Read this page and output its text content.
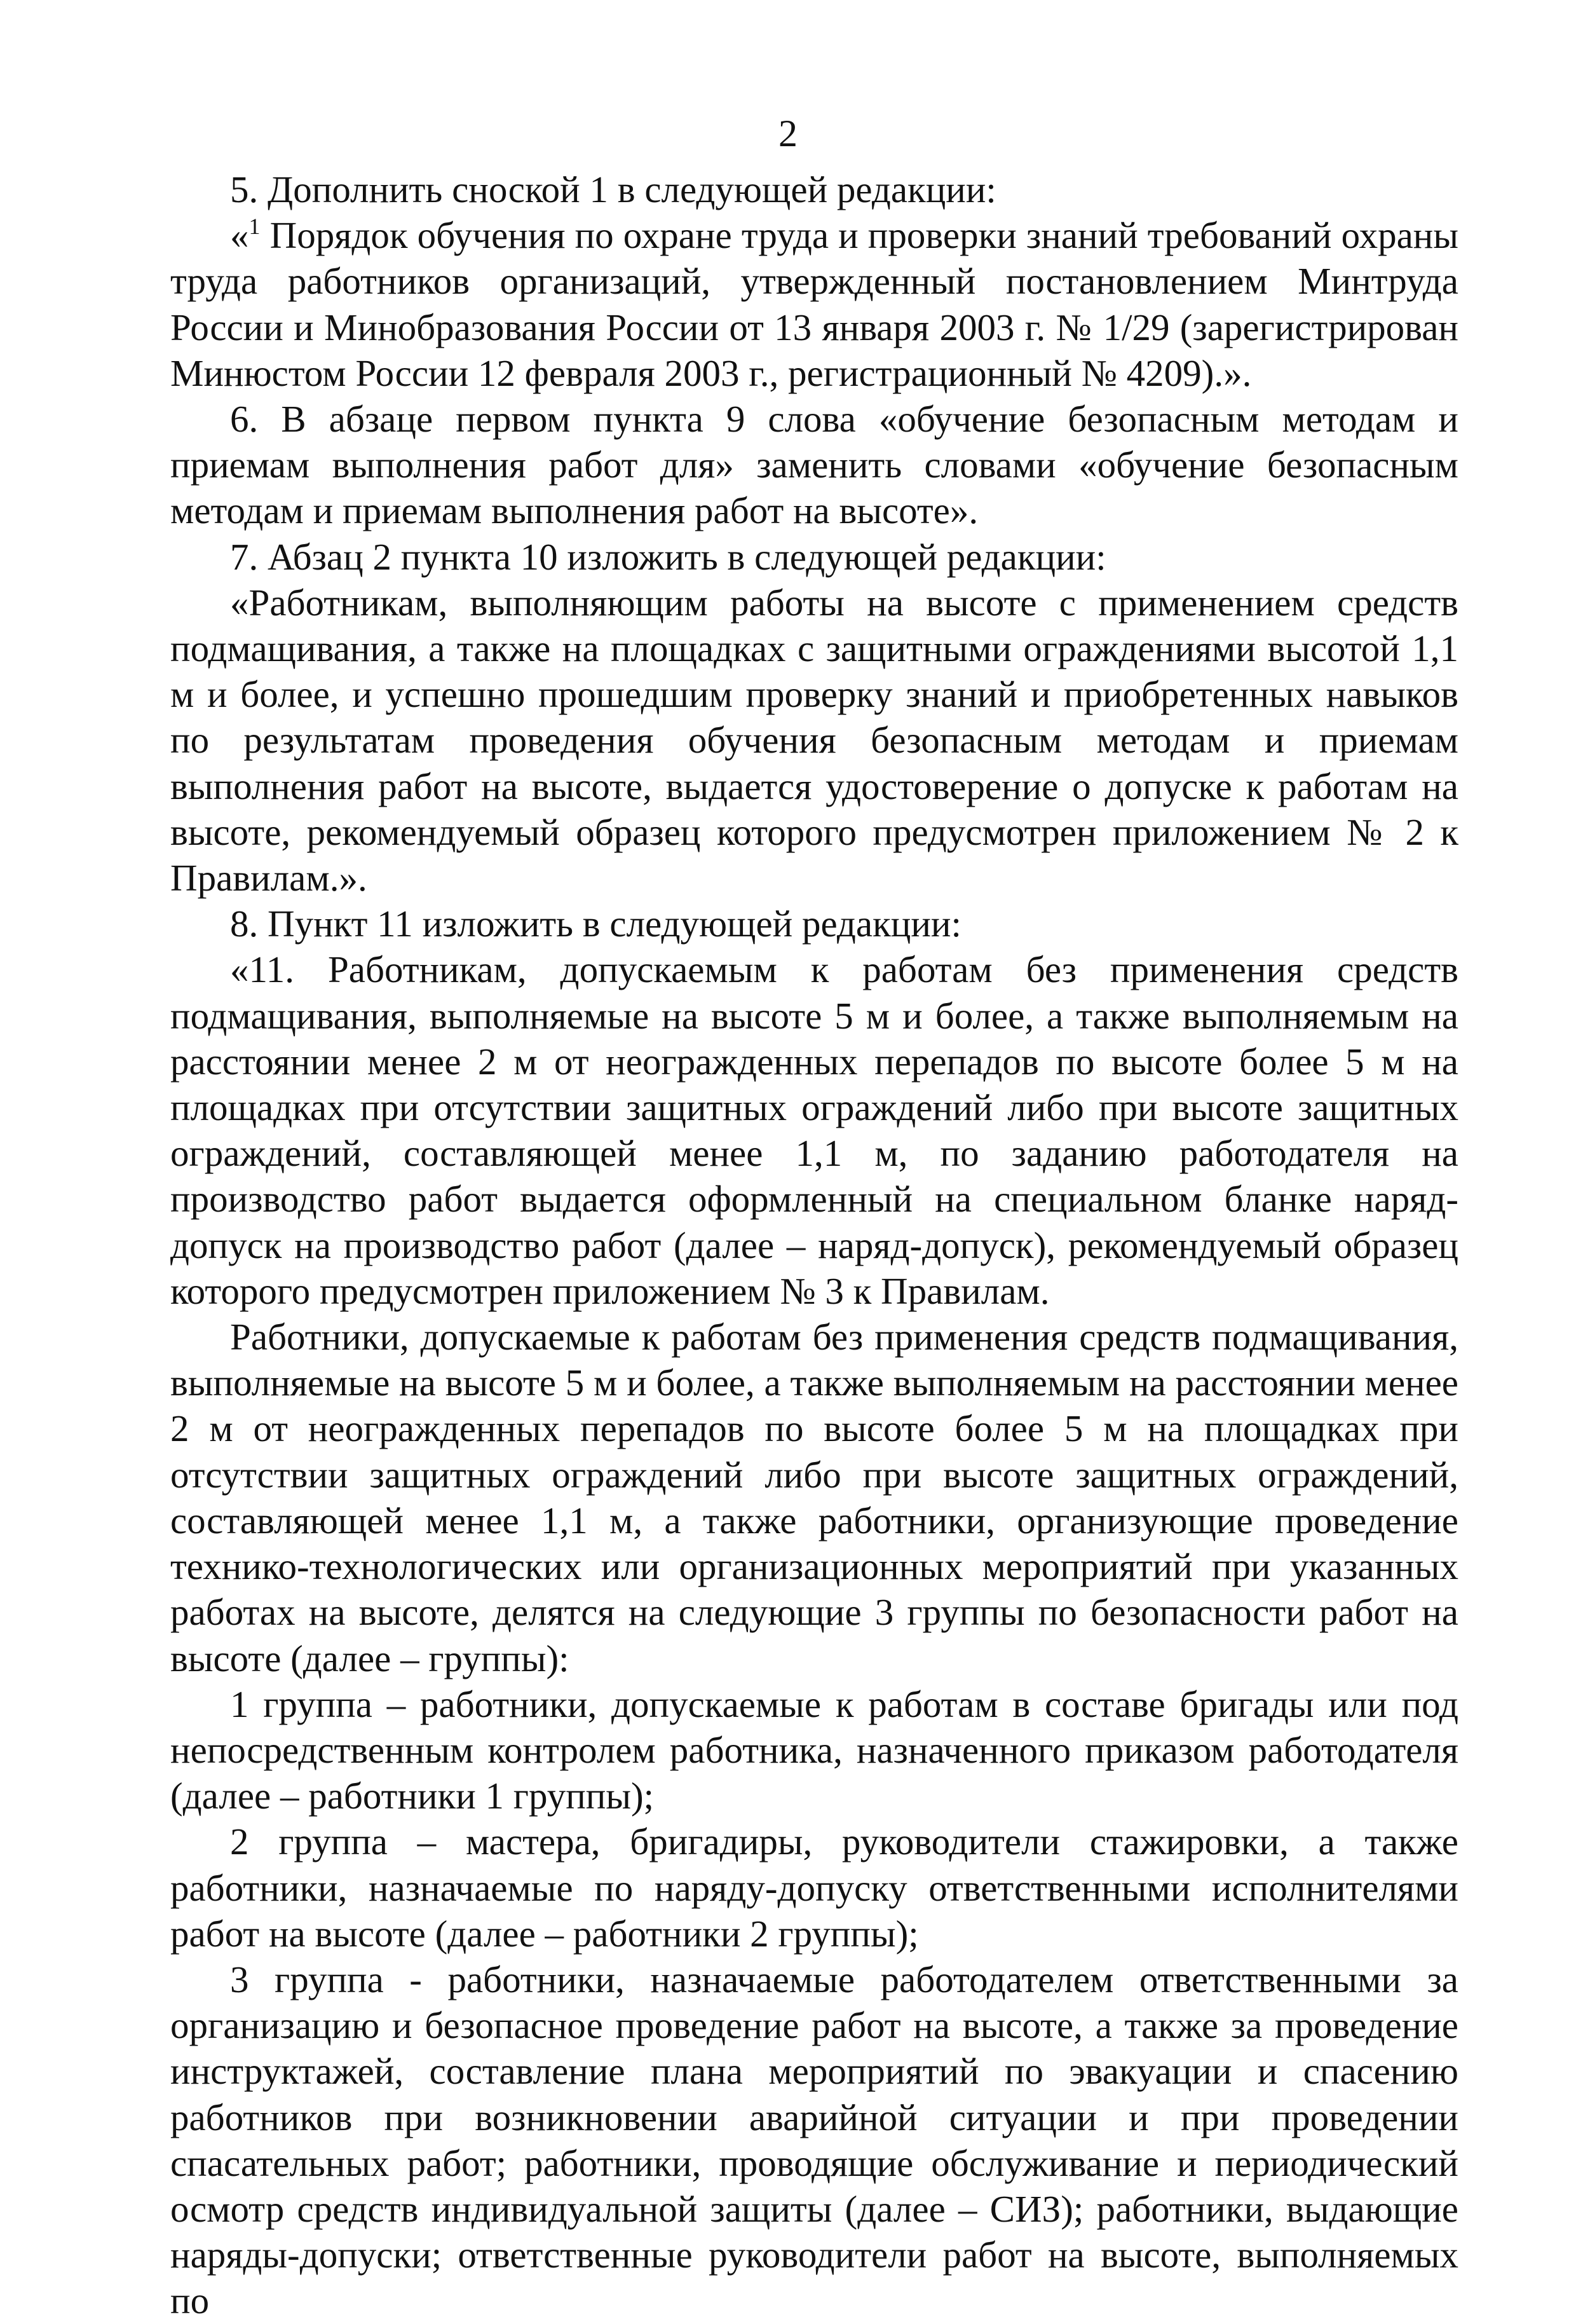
2

5. Дополнить сноской 1 в следующей редакции:

«$^1$ Порядок обучения по охране труда и проверки знаний требований охраны труда работников организаций, утвержденный постановлением Минтруда России и Минобразования России от 13 января 2003 г. № 1/29 (зарегистрирован Минюстом России 12 февраля 2003 г., регистрационный № 4209).».

6. В абзаце первом пункта 9 слова «обучение безопасным методам и приемам выполнения работ для» заменить словами «обучение безопасным методам и приемам выполнения работ на высоте».

7. Абзац 2 пункта 10 изложить в следующей редакции:

«Работникам, выполняющим работы на высоте с применением средств подмащивания, а также на площадках с защитными ограждениями высотой 1,1 м и более, и успешно прошедшим проверку знаний и приобретенных навыков по результатам проведения обучения безопасным методам и приемам выполнения работ на высоте, выдается удостоверение о допуске к работам на высоте, рекомендуемый образец которого предусмотрен приложением № 2 к Правилам.».

8. Пункт 11 изложить в следующей редакции:

«11. Работникам, допускаемым к работам без применения средств подмащивания, выполняемые на высоте 5 м и более, а также выполняемым на расстоянии менее 2 м от неогражденных перепадов по высоте более 5 м на площадках при отсутствии защитных ограждений либо при высоте защитных ограждений, составляющей менее 1,1 м, по заданию работодателя на производство работ выдается оформленный на специальном бланке наряд-допуск на производство работ (далее – наряд-допуск), рекомендуемый образец которого предусмотрен приложением № 3 к Правилам.

Работники, допускаемые к работам без применения средств подмащивания, выполняемые на высоте 5 м и более, а также выполняемым на расстоянии менее 2 м от неогражденных перепадов по высоте более 5 м на площадках при отсутствии защитных ограждений либо при высоте защитных ограждений, составляющей менее 1,1 м, а также работники, организующие проведение технико-технологических или организационных мероприятий при указанных работах на высоте, делятся на следующие 3 группы по безопасности работ на высоте (далее – группы):

1 группа – работники, допускаемые к работам в составе бригады или под непосредственным контролем работника, назначенного приказом работодателя (далее – работники 1 группы);

2 группа – мастера, бригадиры, руководители стажировки, а также работники, назначаемые по наряду-допуску ответственными исполнителями работ на высоте (далее – работники 2 группы);

3 группа - работники, назначаемые работодателем ответственными за организацию и безопасное проведение работ на высоте, а также за проведение инструктажей, составление плана мероприятий по эвакуации и спасению работников при возникновении аварийной ситуации и при проведении спасательных работ; работники, проводящие обслуживание и периодический осмотр средств индивидуальной защиты (далее – СИЗ); работники, выдающие наряды-допуски; ответственные руководители работ на высоте, выполняемых по
